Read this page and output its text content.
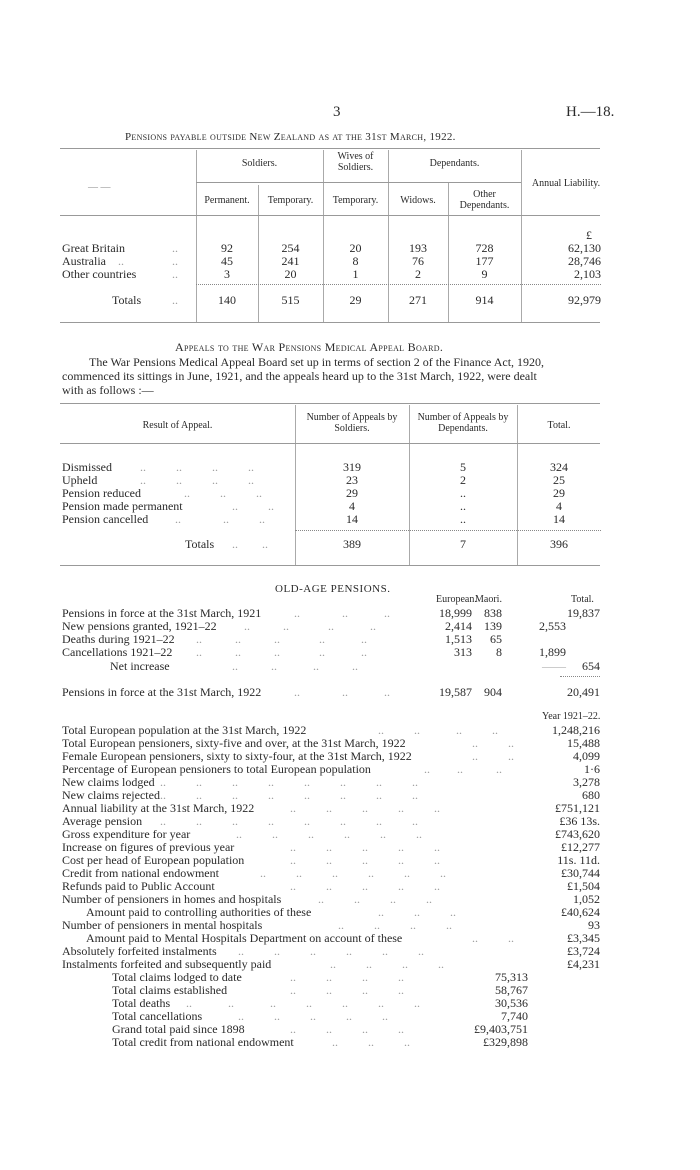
3	H.—18.
Pensions payable outside New Zealand as at the 31st March, 1922.
Soldiers.
Wives of Soldiers.	Dependants.
Annual Liability.
— —
Permanent.	Temporary.	Temporary.	Widows.
Other Dependants.
£
Great Britain	..	92	254	20	193	728	62,130
Australia ..	..	45	241	8	76	177	28,746
Other countries	..	3	20	1	2	9	2,103
Totals	..	140	515	29	271	914	92,979
Appeals to the War Pensions Medical Appeal Board.
The War Pensions Medical Appeal Board set up in terms of section 2 of the Finance Act, 1920,
commenced its sittings in June, 1921, and the appeals heard up to the 31st March, 1922, were dealt
with as follows :—
Result of Appeal.
Number of Appeals by Soldiers.
Number of Appeals by Dependants.	Total.
Dismissed ..          ..          ..          ..	319	5	324
Upheld	..          ..          ..          ..	23	2	25
Pension reduced	..          ..          ..	29	..	29
Pension made permanent	..          ..	4	..	4
Pension cancelled ..              ..          ..	14	..	14
Totals ..        ..	389	7	396
OLD-AGE PENSIONS.
European.
Maori.	Total.
Pensions in force at the 31st March, 1921	..              ..            ..	18,999	838	19,837
New pensions granted, 1921–22 ..           ..             ..            ..	2,414	139	2,553
Deaths during 1921–22 ..           ..           ..             ..            ..	1,513	65
Cancellations 1921–22 ..           ..           ..             ..            ..	313	8	1,899
Net increase	..           ..            ..           ..	——	654
Pensions in force at the 31st March, 1922	..              ..            ..	19,587	904	20,491
Year 1921–22.
Total European population at the 31st March, 1922	..          ..            ..          ..	1,248,216
Total European pensioners, sixty-five and over, at the 31st March, 1922	..          ..	15,488
Female European pensioners, sixty to sixty-four, at the 31st March, 1922	..          ..	4,099
Percentage of European pensioners to total European population	..         ..           ..	1·6
New claims lodged ..          ..          ..          ..          ..          ..          ..          ..	3,278
New claims rejected ..          ..          ..          ..          ..          ..          ..          ..	680
Annual liability at the 31st March, 1922	..          ..          ..          ..          ..	£751,121
Average pension ..          ..          ..          ..          ..          ..          ..          ..	£36 13s.
Gross expenditure for year	..          ..          ..          ..          ..          ..	£743,620
Increase on figures of previous year	..          ..          ..          ..          ..	£12,277
Cost per head of European population	..          ..          ..          ..          ..	11s. 11d.
Credit from national endowment	..          ..          ..          ..          ..          ..	£30,744
Refunds paid to Public Account	..          ..          ..          ..          ..	£1,504
Number of pensioners in homes and hospitals	..          ..          ..          ..	1,052
Amount paid to controlling authorities of these	..          ..          ..	£40,624
Number of pensioners in mental hospitals	..          ..          ..          ..	93
Amount paid to Mental Hospitals Department on account of these	..          ..	£3,345
Absolutely forfeited instalments ..          ..          ..          ..          ..          ..	£3,724
Instalments forfeited and subsequently paid	..          ..          ..          ..	£4,231
Total claims lodged to date	..          ..          ..          ..	75,313
Total claims established	..          ..          ..          ..	58,767
Total deaths ..            ..            ..          ..          ..          ..          ..	30,536
Total cancellations	..          ..          ..          ..          ..	7,740
Grand total paid since 1898	..          ..          ..          ..	£9,403,751
Total credit from national endowment	..          ..          ..	£329,898
